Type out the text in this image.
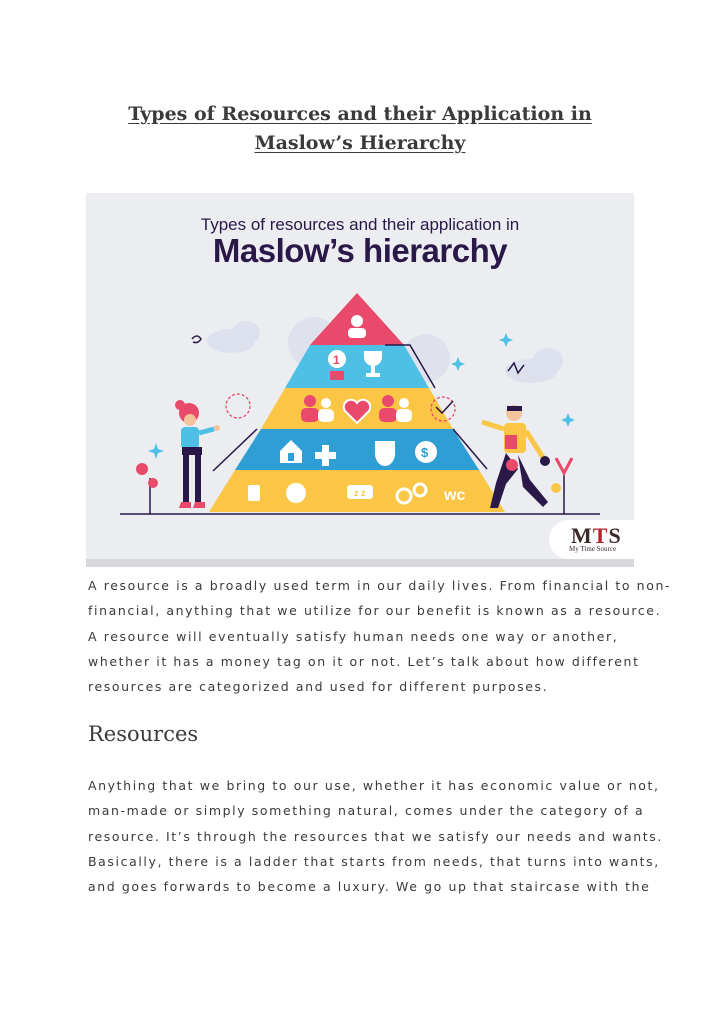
Types of Resources and their Application in
Maslow’s Hierarchy
Types of resources and their application in
Maslow’s hierarchy
1
$
z z	wc
MTS
My Time Source

A resource is a broadly used term in our daily lives. From financial to non-
financial, anything that we utilize for our benefit is known as a resource.
A resource will eventually satisfy human needs one way or another,
whether it has a money tag on it or not. Let’s talk about how different
resources are categorized and used for different purposes.

Resources

Anything that we bring to our use, whether it has economic value or not,
man-made or simply something natural, comes under the category of a
resource. It’s through the resources that we satisfy our needs and wants.
Basically, there is a ladder that starts from needs, that turns into wants,
and goes forwards to become a luxury. We go up that staircase with the
